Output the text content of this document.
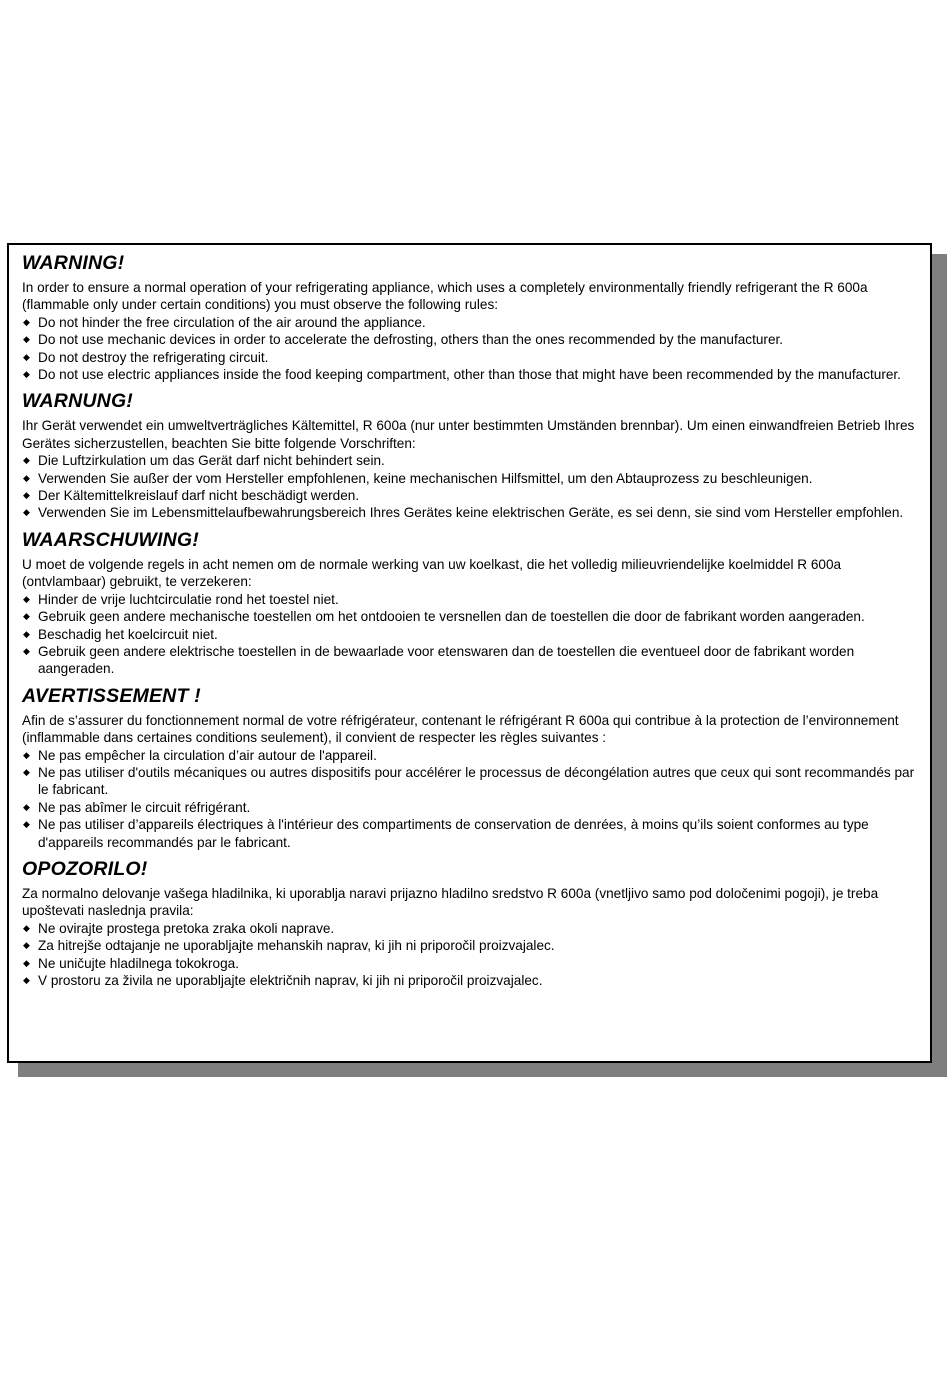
WARNING!

In order to ensure a normal operation of your refrigerating appliance, which uses a completely environmentally friendly refrigerant the R 600a (flammable only under certain conditions) you must observe the following rules:

◆ Do not hinder the free circulation of the air around the appliance.
◆ Do not use mechanic devices in order to accelerate the defrosting, others than the ones recommended by the manufacturer.
◆ Do not destroy the refrigerating circuit.
◆ Do not use electric appliances inside the food keeping compartment, other than those that might have been recommended by the manufacturer.
WARNUNG!

Ihr Gerät verwendet ein umweltverträgliches Kältemittel, R 600a (nur unter bestimmten Umständen brennbar). Um einen einwandfreien Betrieb Ihres Gerätes sicherzustellen, beachten Sie bitte folgende Vorschriften:

◆ Die Luftzirkulation um das Gerät darf nicht behindert sein.
◆ Verwenden Sie außer der vom Hersteller empfohlenen, keine mechanischen Hilfsmittel, um den Abtauprozess zu beschleunigen.
◆ Der Kältemittelkreislauf darf nicht beschädigt werden.
◆ Verwenden Sie im Lebensmittelaufbewahrungsbereich Ihres Gerätes keine elektrischen Geräte, es sei denn, sie sind vom Hersteller empfohlen.
WAARSCHUWING!

U moet de volgende regels in acht nemen om de normale werking van uw koelkast, die het volledig milieuvriendelijke koelmiddel R 600a (ontvlambaar) gebruikt, te verzekeren:

◆ Hinder de vrije luchtcirculatie rond het toestel niet.
◆ Gebruik geen andere mechanische toestellen om het ontdooien te versnellen dan de toestellen die door de fabrikant worden aangeraden.
◆ Beschadig het koelcircuit niet.
◆ Gebruik geen andere elektrische toestellen in de bewaarlade voor etenswaren dan de toestellen die eventueel door de fabrikant worden aangeraden.
AVERTISSEMENT !

Afin de s’assurer du fonctionnement normal de votre réfrigérateur, contenant le réfrigérant R 600a qui contribue à la protection de l’environnement (inflammable dans certaines conditions seulement), il convient de respecter les règles suivantes :

◆ Ne pas empêcher la circulation d’air autour de l'appareil.
◆ Ne pas utiliser d'outils mécaniques ou autres dispositifs pour accélérer le processus de décongélation autres que ceux qui sont recommandés par le fabricant.
◆ Ne pas abîmer le circuit réfrigérant.
◆ Ne pas utiliser d’appareils électriques à l'intérieur des compartiments de conservation de denrées, à moins qu’ils soient conformes au type d'appareils recommandés par le fabricant.
OPOZORILO!

Za normalno delovanje vašega hladilnika, ki uporablja naravi prijazno hladilno sredstvo R 600a (vnetljivo samo pod določenimi pogoji), je treba upoštevati naslednja pravila:

◆ Ne ovirajte prostega pretoka zraka okoli naprave.
◆ Za hitrejše odtajanje ne uporabljajte mehanskih naprav, ki jih ni priporočil proizvajalec.
◆ Ne uničujte hladilnega tokokroga.
◆ V prostoru za živila ne uporabljajte električnih naprav, ki jih ni priporočil proizvajalec.
